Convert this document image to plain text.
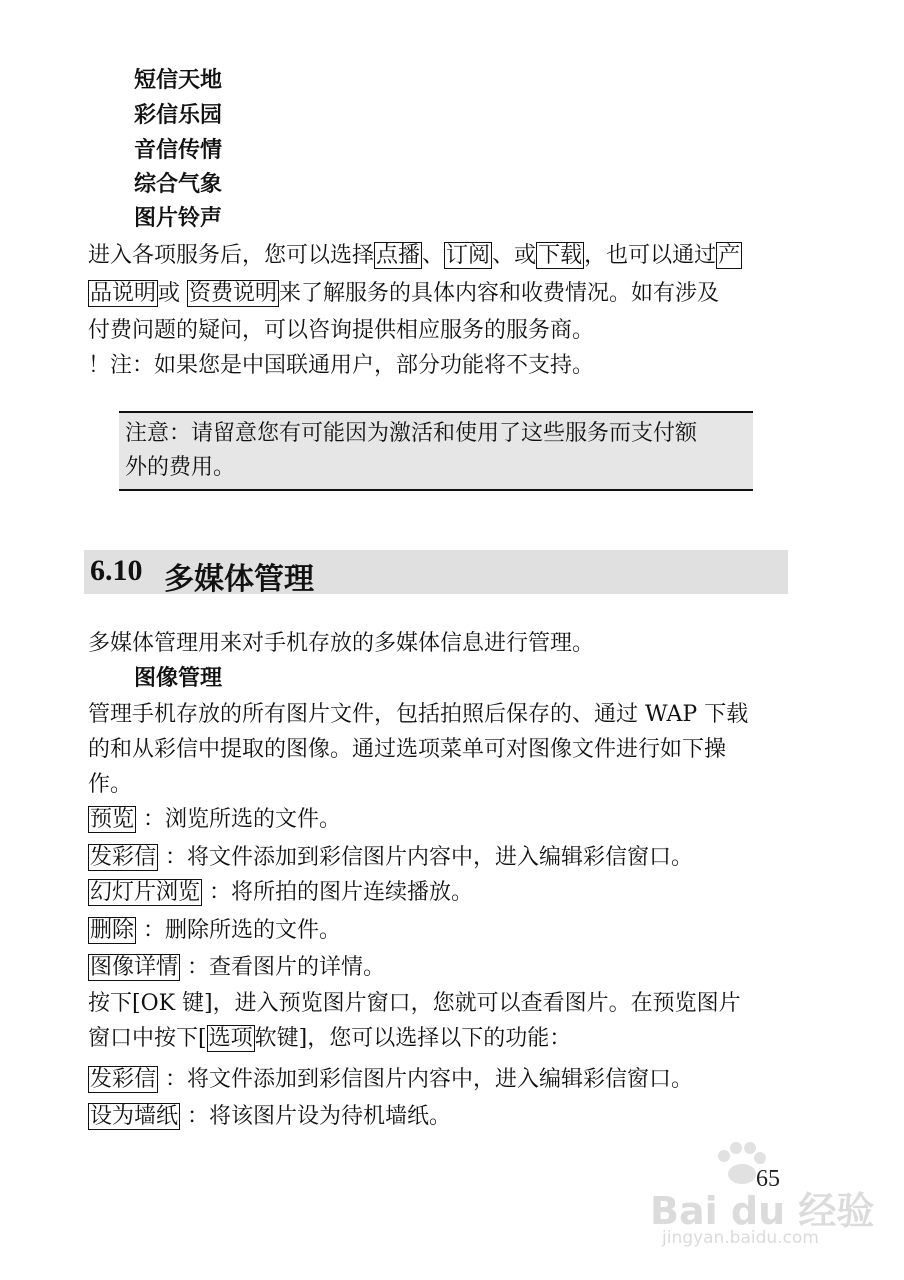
短信天地
彩信乐园
音信传情
综合气象
图片铃声
进入各项服务后，您可以选择点播、订阅、或下载，也可以通过产
品说明或 资费说明来了解服务的具体内容和收费情况。如有涉及
付费问题的疑问，可以咨询提供相应服务的服务商。
！注：如果您是中国联通用户，部分功能将不支持。
注意：请留意您有可能因为激活和使用了这些服务而支付额
外的费用。
6.10 多媒体管理
多媒体管理用来对手机存放的多媒体信息进行管理。
图像管理
管理手机存放的所有图片文件，包括拍照后保存的、通过 WAP 下载
的和从彩信中提取的图像。通过选项菜单可对图像文件进行如下操
作。
预览 ：浏览所选的文件。
发彩信 ：将文件添加到彩信图片内容中，进入编辑彩信窗口。
幻灯片浏览 ：将所拍的图片连续播放。
删除 ：删除所选的文件。
图像详情 ：查看图片的详情。
按下[OK 键]，进入预览图片窗口，您就可以查看图片。在预览图片
窗口中按下[选项软键]，您可以选择以下的功能：
发彩信 ：将文件添加到彩信图片内容中，进入编辑彩信窗口。
设为墙纸 ：将该图片设为待机墙纸。
Bai du 经验
jingyan.baidu.com
65
